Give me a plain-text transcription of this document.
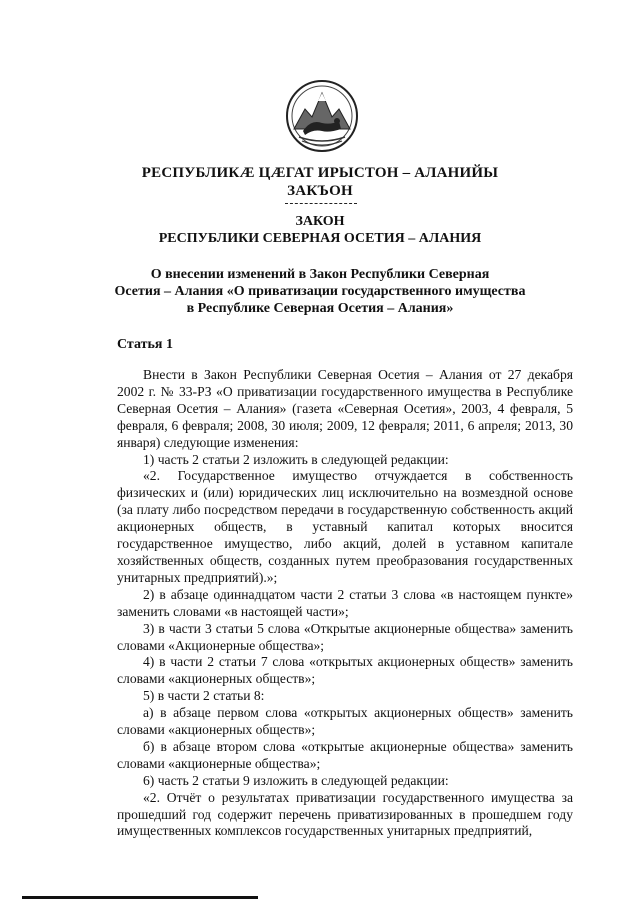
РЕСПУБЛИКÆ ЦÆГАТ ИРЫСТОН – АЛАНИЙЫ
ЗАКЪОН
ЗАКОН
РЕСПУБЛИКИ СЕВЕРНАЯ ОСЕТИЯ – АЛАНИЯ
О внесении изменений в Закон Республики Северная
Осетия – Алания «О приватизации государственного имущества
в Республике Северная Осетия – Алания»
Статья 1

Внести в Закон Республики Северная Осетия – Алания от 27 декабря 2002 г. № 33-РЗ «О приватизации государственного имущества в Республике Северная Осетия – Алания» (газета «Северная Осетия», 2003, 4 февраля, 5 февраля, 6 февраля; 2008, 30 июля; 2009, 12 февраля; 2011, 6 апреля; 2013, 30 января) следующие изменения:

1) часть 2 статьи 2 изложить в следующей редакции:

«2. Государственное имущество отчуждается в собственность физических и (или) юридических лиц исключительно на возмездной основе (за плату либо посредством передачи в государственную собственность акций акционерных обществ, в уставный капитал которых вносится государственное имущество, либо акций, долей в уставном капитале хозяйственных обществ, созданных путем преобразования государственных унитарных предприятий).»;

2) в абзаце одиннадцатом части 2 статьи 3 слова «в настоящем пункте» заменить словами «в настоящей части»;

3) в части 3 статьи 5 слова «Открытые акционерные общества» заменить словами «Акционерные общества»;

4) в части 2 статьи 7 слова «открытых акционерных обществ» заменить словами «акционерных обществ»;

5) в части 2 статьи 8:

а) в абзаце первом слова «открытых акционерных обществ» заменить словами «акционерных обществ»;

б) в абзаце втором слова «открытые акционерные общества» заменить словами «акционерные общества»;

6) часть 2 статьи 9 изложить в следующей редакции:

«2. Отчёт о результатах приватизации государственного имущества за прошедший год содержит перечень приватизированных в прошедшем году имущественных комплексов государственных унитарных предприятий,
